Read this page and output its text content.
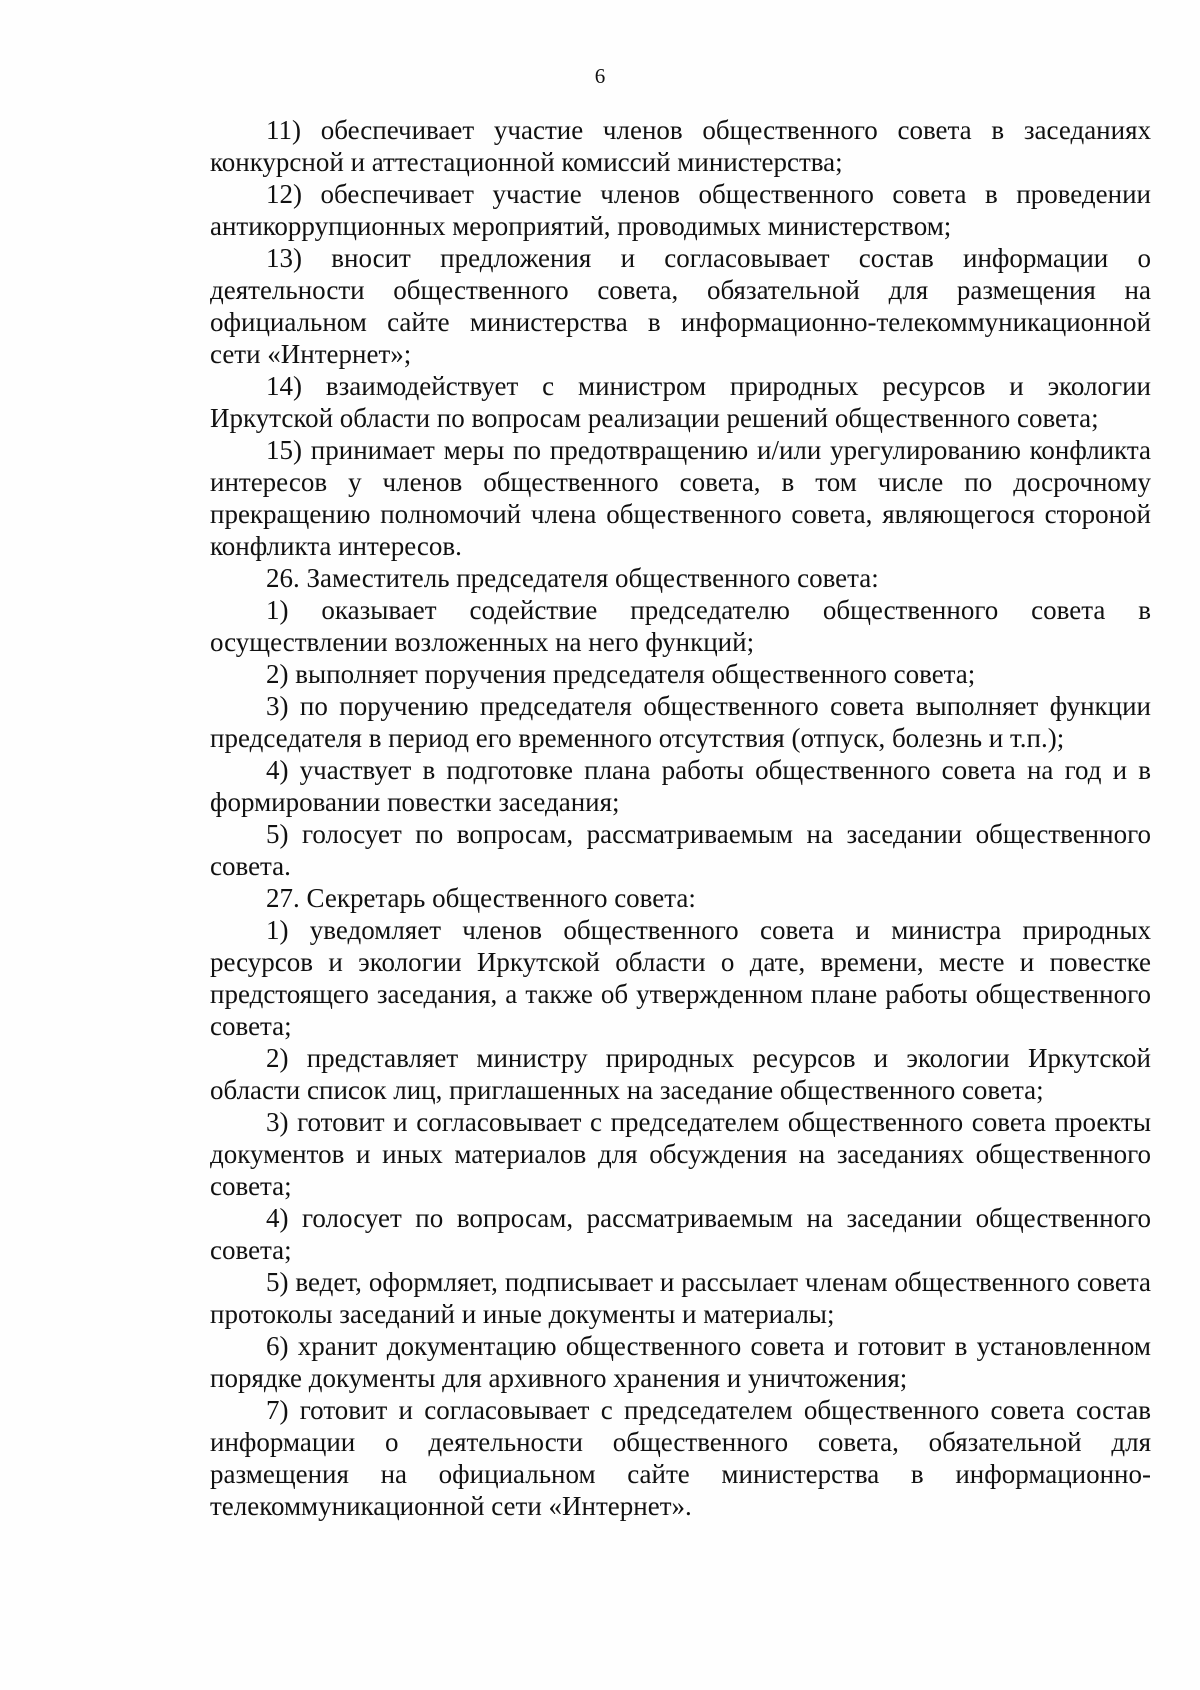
6

11) обеспечивает участие членов общественного совета в заседаниях конкурсной и аттестационной комиссий министерства;

12) обеспечивает участие членов общественного совета в проведении антикоррупционных мероприятий, проводимых министерством;

13) вносит предложения и согласовывает состав информации о деятельности общественного совета, обязательной для размещения на официальном сайте министерства в информационно-телекоммуникационной сети «Интернет»;

14) взаимодействует с министром природных ресурсов и экологии Иркутской области по вопросам реализации решений общественного совета;

15) принимает меры по предотвращению и/или урегулированию конфликта интересов у членов общественного совета, в том числе по досрочному прекращению полномочий члена общественного совета, являющегося стороной конфликта интересов.

26. Заместитель председателя общественного совета:

1) оказывает содействие председателю общественного совета в осуществлении возложенных на него функций;

2) выполняет поручения председателя общественного совета;

3) по поручению председателя общественного совета выполняет функции председателя в период его временного отсутствия (отпуск, болезнь и т.п.);

4) участвует в подготовке плана работы общественного совета на год и в формировании повестки заседания;

5) голосует по вопросам, рассматриваемым на заседании общественного совета.

27. Секретарь общественного совета:

1) уведомляет членов общественного совета и министра природных ресурсов и экологии Иркутской области о дате, времени, месте и повестке предстоящего заседания, а также об утвержденном плане работы общественного совета;

2) представляет министру природных ресурсов и экологии Иркутской области список лиц, приглашенных на заседание общественного совета;

3) готовит и согласовывает с председателем общественного совета проекты документов и иных материалов для обсуждения на заседаниях общественного совета;

4) голосует по вопросам, рассматриваемым на заседании общественного совета;

5) ведет, оформляет, подписывает и рассылает членам общественного совета протоколы заседаний и иные документы и материалы;

6) хранит документацию общественного совета и готовит в установленном порядке документы для архивного хранения и уничтожения;

7) готовит и согласовывает с председателем общественного совета состав информации о деятельности общественного совета, обязательной для размещения на официальном сайте министерства в информационно-телекоммуникационной сети «Интернет».
